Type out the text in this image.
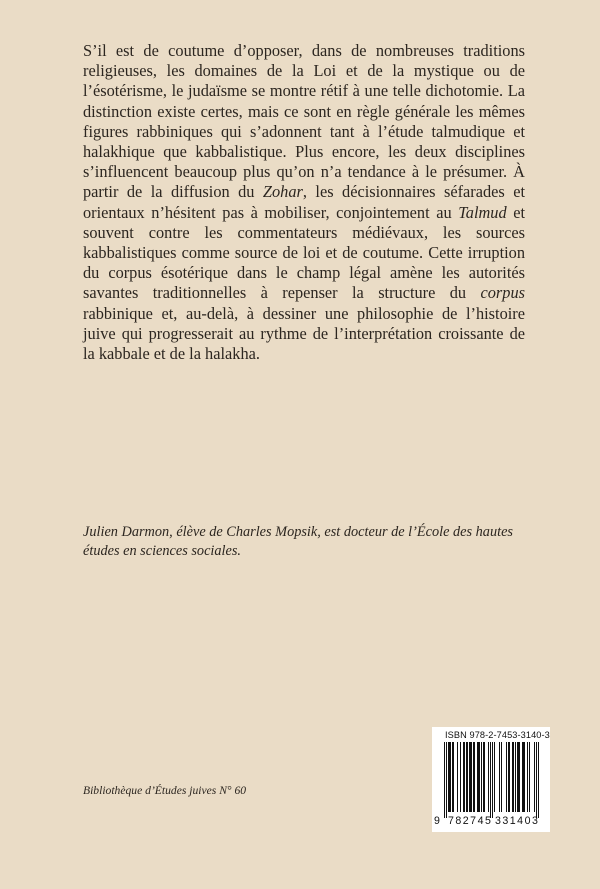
S’il est de coutume d’opposer, dans de nombreuses traditions religieuses, les domaines de la Loi et de la mystique ou de l’ésotérisme, le judaïsme se montre rétif à une telle dichotomie. La distinction existe certes, mais ce sont en règle générale les mêmes figures rabbiniques qui s’adonnent tant à l’étude talmudique et halakhique que kabbalistique. Plus encore, les deux disciplines s’influencent beaucoup plus qu’on n’a tendance à le présumer. À partir de la diffusion du Zohar, les décisionnaires séfarades et orientaux n’hésitent pas à mobiliser, conjointement au Talmud et souvent contre les commentateurs médiévaux, les sources kabbalistiques comme source de loi et de coutume. Cette irruption du corpus ésotérique dans le champ légal amène les autorités savantes traditionnelles à repenser la structure du corpus rabbinique et, au-delà, à dessiner une philosophie de l’histoire juive qui progresserait au rythme de l’interprétation croissante de la kabbale et de la halakha.

Julien Darmon, élève de Charles Mopsik, est docteur de l’École des hautes études en sciences sociales.

Bibliothèque d’Études juives N° 60

ISBN 978-2-7453-3140-3
9 782745 331403
